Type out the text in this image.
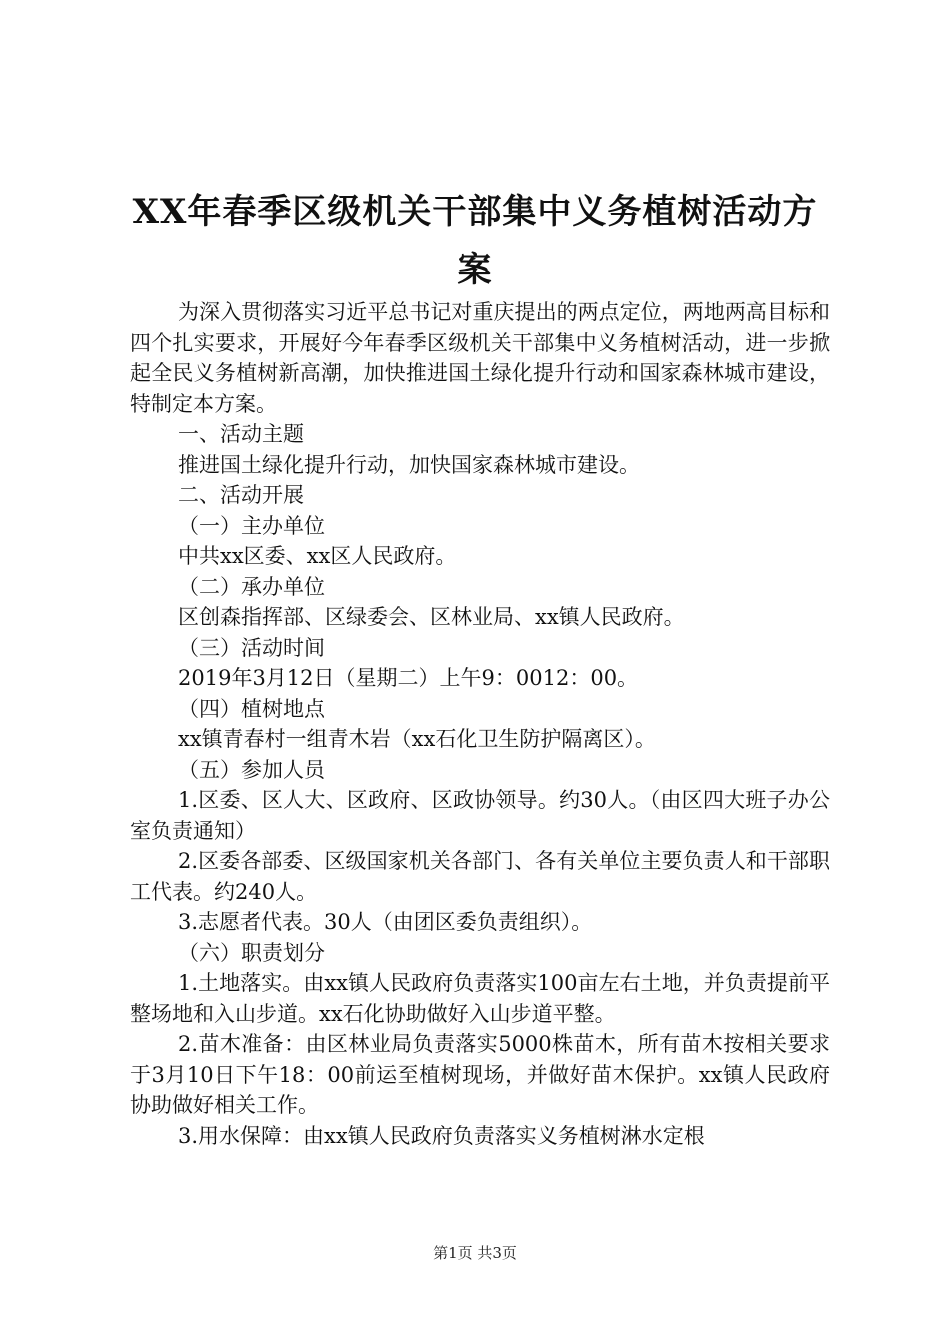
XX年春季区级机关干部集中义务植树活动方
案

为深入贯彻落实习近平总书记对重庆提出的两点定位，两地两高目标和四个扎实要求，开展好今年春季区级机关干部集中义务植树活动，进一步掀起全民义务植树新高潮，加快推进国土绿化提升行动和国家森林城市建设，特制定本方案。

一、活动主题

推进国土绿化提升行动，加快国家森林城市建设。

二、活动开展

（一）主办单位

中共xx区委、xx区人民政府。

（二）承办单位

区创森指挥部、区绿委会、区林业局、xx镇人民政府。

（三）活动时间

2019年3月12日（星期二）上午9：0012：00。

（四）植树地点

xx镇青春村一组青木岩（xx石化卫生防护隔离区）。

（五）参加人员

1.区委、区人大、区政府、区政协领导。约30人。（由区四大班子办公室负责通知）

2.区委各部委、区级国家机关各部门、各有关单位主要负责人和干部职工代表。约240人。

3.志愿者代表。30人（由团区委负责组织）。

（六）职责划分

1.土地落实。由xx镇人民政府负责落实100亩左右土地，并负责提前平整场地和入山步道。xx石化协助做好入山步道平整。

2.苗木准备：由区林业局负责落实5000株苗木，所有苗木按相关要求于3月10日下午18：00前运至植树现场，并做好苗木保护。xx镇人民政府协助做好相关工作。

3.用水保障：由xx镇人民政府负责落实义务植树淋水定根

第1页 共3页
